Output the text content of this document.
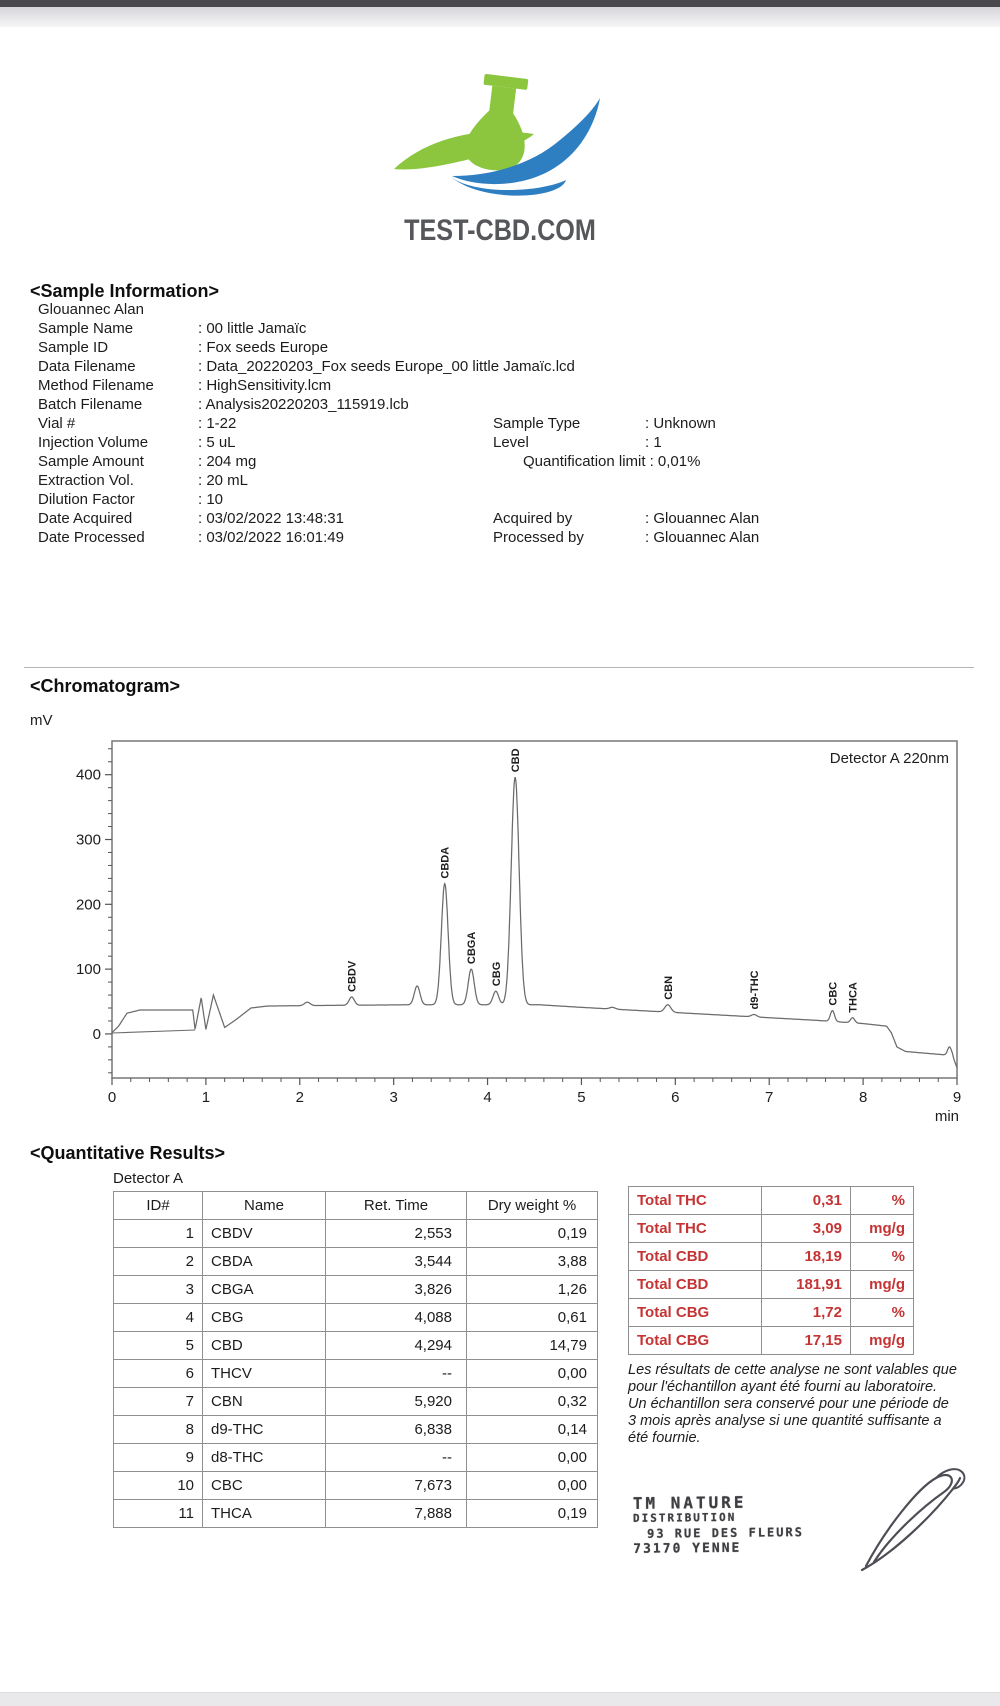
TEST-CBD.COM
<Sample Information>
Glouannec Alan
Sample Name	: 00 little Jamaïc
Sample ID	: Fox seeds Europe
Data Filename	: Data_20220203_Fox seeds Europe_00 little Jamaïc.lcd
Method Filename	: HighSensitivity.lcm
Batch Filename	: Analysis20220203_115919.lcb
Vial #	: 1-22
Injection Volume	: 5 uL
Sample Amount	: 204 mg
Extraction Vol.	: 20 mL
Dilution Factor	: 10
Date Acquired	: 03/02/2022 13:48:31
Date Processed	: 03/02/2022 16:01:49
Sample Type	: Unknown
Level	: 1
Quantification limit : 0,01%
Acquired by	: Glouannec Alan
Processed by	: Glouannec Alan
<Chromatogram>
mV
0
100
200
300
400
0	1	2	3	4	5	6	7	8	9
min
Detector A 220nm
CBDV
CBDA
CBGA
CBG
CBD
CBN	d9-THC	CBC THCA
<Quantitative Results>
Detector A
ID#	Name	Ret. Time	Dry weight %
1	CBDV	2,553	0,19
2	CBDA	3,544	3,88
3	CBGA	3,826	1,26
4	CBG	4,088	0,61
5	CBD	4,294	14,79
6	THCV	--	0,00
7	CBN	5,920	0,32
8	d9-THC	6,838	0,14
9	d8-THC	--	0,00
10	CBC	7,673	0,00
11	THCA	7,888	0,19
Total THC	0,31	%
Total THC	3,09	mg/g
Total CBD	18,19	%
Total CBD	181,91	mg/g
Total CBG	1,72	%
Total CBG	17,15	mg/g

Les résultats de cette analyse ne sont valables que pour l'échantillon ayant été fourni au laboratoire.

Un échantillon sera conservé pour une période de 3 mois après analyse si une quantité suffisante a été fournie.

TM NATURE
DISTRIBUTION
93 RUE DES FLEURS
73170 YENNE
